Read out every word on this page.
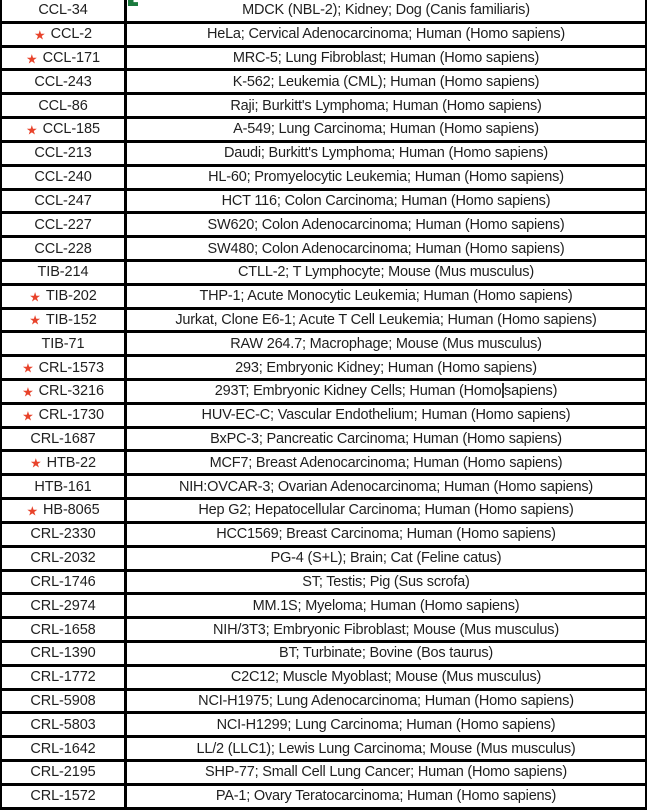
CCL-34	MDCK (NBL-2); Kidney; Dog (Canis familiaris)
★ CCL-2	HeLa; Cervical Adenocarcinoma; Human (Homo sapiens)
★ CCL-171	MRC-5; Lung Fibroblast; Human (Homo sapiens)
CCL-243	K-562; Leukemia (CML); Human (Homo sapiens)
CCL-86	Raji; Burkitt's Lymphoma; Human (Homo sapiens)
★ CCL-185	A-549; Lung Carcinoma; Human (Homo sapiens)
CCL-213	Daudi; Burkitt's Lymphoma; Human (Homo sapiens)
CCL-240	HL-60; Promyelocytic Leukemia; Human (Homo sapiens)
CCL-247	HCT 116; Colon Carcinoma; Human (Homo sapiens)
CCL-227	SW620; Colon Adenocarcinoma; Human (Homo sapiens)
CCL-228	SW480; Colon Adenocarcinoma; Human (Homo sapiens)
TIB-214	CTLL-2; T Lymphocyte; Mouse (Mus musculus)
★ TIB-202	THP-1; Acute Monocytic Leukemia; Human (Homo sapiens)
★ TIB-152	Jurkat, Clone E6-1; Acute T Cell Leukemia; Human (Homo sapiens)
TIB-71	RAW 264.7; Macrophage; Mouse (Mus musculus)
★ CRL-1573	293; Embryonic Kidney; Human (Homo sapiens)
★ CRL-3216	293T; Embryonic Kidney Cells; Human (Homo sapiens)
★ CRL-1730	HUV-EC-C; Vascular Endothelium; Human (Homo sapiens)
CRL-1687	BxPC-3; Pancreatic Carcinoma; Human (Homo sapiens)
★ HTB-22	MCF7; Breast Adenocarcinoma; Human (Homo sapiens)
HTB-161	NIH:OVCAR-3; Ovarian Adenocarcinoma; Human (Homo sapiens)
★ HB-8065	Hep G2; Hepatocellular Carcinoma; Human (Homo sapiens)
CRL-2330	HCC1569; Breast Carcinoma; Human (Homo sapiens)
CRL-2032	PG-4 (S+L); Brain; Cat (Feline catus)
CRL-1746	ST; Testis; Pig (Sus scrofa)
CRL-2974	MM.1S; Myeloma; Human (Homo sapiens)
CRL-1658	NIH/3T3; Embryonic Fibroblast; Mouse (Mus musculus)
CRL-1390	BT; Turbinate; Bovine (Bos taurus)
CRL-1772	C2C12; Muscle Myoblast; Mouse (Mus musculus)
CRL-5908	NCI-H1975; Lung Adenocarcinoma; Human (Homo sapiens)
CRL-5803	NCI-H1299; Lung Carcinoma; Human (Homo sapiens)
CRL-1642	LL/2 (LLC1); Lewis Lung Carcinoma; Mouse (Mus musculus)
CRL-2195	SHP-77; Small Cell Lung Cancer; Human (Homo sapiens)
CRL-1572	PA-1; Ovary Teratocarcinoma; Human (Homo sapiens)
